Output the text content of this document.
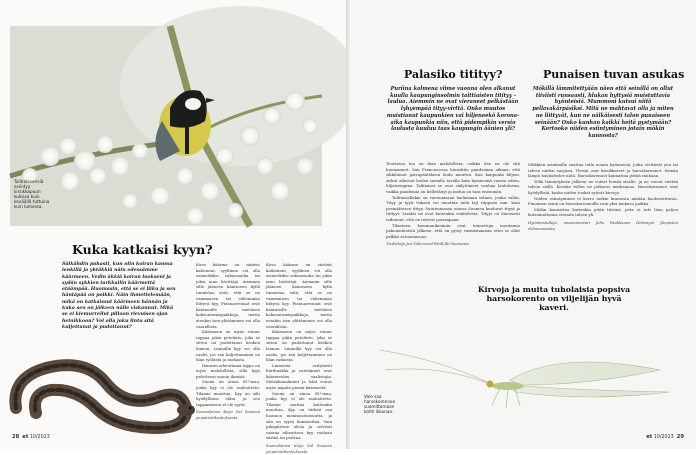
Talitiaisverisiä esiintyy kirsikkapuun kukissa kuin keväällä tuttuina kuin lumessa.
Kuka katkaisi kyyn?
Sälkähdin pahasti, kun olin koiran kanssa lenkillä ja yhtäkkiä näin edessämme käärmeen. Vedin äkkiä koiran luokseni ja sydän sykkien tarkkailin käärmettä etäämpää. Huomasin, että se ei liiku ja sen häntäpää on poikki. Näin ihmettelemään, mikä on katkaissut käärmeen hännän ja kuka sen on jälkeen nälle viskannut. Mikä se ei kiemurrellut pilloon rievuisen ojan heinikkoon? Voi olla joku lintu sitä kuljettanut ja pudottanut?

Kuva käärme on niiteist kaltennut, syyllinen voi olla esimerkiksi ruhausauha tai jokin muu hävittäjä. Aiemmin sille jääneen käärmeen kyllä tunnistaa siitä, että se on vammaisen tai vähemmän liittyvä kyy. Piennarreunat ovat käärmeille mieluisia kokoontumispaikkoja, mutta etenkin tien ylittäminen voi olla vaarallista.

Käärmeen on myös voinut tappaa jokin petolintu, joka se sitten on pudottanut kesken lennon. Linnuilla kyy voi olla saalis, jos sen kuljettaminen on liian työlästä ja raskasta.

Ihmisen aiheuttama tappo on myös mahdollista, sillä kyyt pelottavat monia ihmisiä.

Suomi on ainoa EU-maa, jonka kyy ei ole rauhoitettu. Tilanne muuttuu. Kyy on silti hyödyllinen eläin, ja sen tappamiseen ei ole syytä.

Suomalainen Keijo Sal Suomen ympäristökeskuksesta

Kuva käärme on siistisit katkennut, syyllinen voi olla esimerkiksi ruhausauha tai jokin muu hävittäjä. Aiemmin sille jääneen käärmeen kyllä tunnistaa siitä, että se on vammainen tai vähemmän liittyvä kyy. Piennarreunat ovat käärmeille mieluisia kokoontumispaikkoja, mutta etenkin tien ylittäminen voi olla vaarallista.

Käärmeen on myös voinut tappaa jokin petolintu, joka se sitten on pudottanut kesken lennon. Linnuilla kyy voi olla saalis, jos sen kuljettaminen on liian raskasta.

Linnuista erityisesti hiirihaukka ja varislinnut ovat käärmeiden saalistajia. Metsäkanalinnut ja lokit voivat myös napata pieniä käärmeitä.

Suomi on ainoa EU-maa, jonka kyy ei ole rauhoitettu. Tilanne saattaa kuitenkin muuttua. Kyy on tärkeä osa luonnon monimuotoisuutta, ja sitä on syytä kunnioittaa. Vain pihapiirissä oleva ja selvästi vaaraa aiheuttava kyy voidaan siirtää tai poistaa.

Suomalainen Keijo Sal Suomen ympäristökeskuksesta
28 et 10/2023
Palasiko titityy?
Puriina kolmena viime vuonna olen alkanut kuulla kaupunginsolmin taittiaisten titityy -laulua. Aiemmin ne ovat vieraneet pelkästään lyhyempää tityy-virttä. Onko muutos muistianut kaupunkien vai hiljeneekö korona-aika kaupunkia niin, että pidempikin versio laulusta kuuluu taas kaupungin äänien yli?

Teortassa tuo on ihan mahdollista, vaikka itse en ole sitä huomannut. San Franciscossa havaittiin pandemian aikana, että sikkilinnut paivapäätöksen laulu muuttui. Kun kaupunki hiljeni, sirkut alkoivat laulaa samalla tavalla kuin kymmeniä vuosia sitten, hiljaisempina. Talitiaiset se ovat säilyttäneet vanhan laulutavan, vaikka pandemia on hellittänyt ja melua on taas enemmän.

Talitiaisellakin on varsinaisaan laulamaan selmia, jonka valita. Tityy ja tyyti tsikavä voi muuttaa niitä laji riippuen mm. kuin pesintätesen tittyy. Suurimmassa osassa Suomea kuuluvat tityyt ja titityyt. Lisäksi ne ovat kuitenkin vaihtelevia. Tityyt on ilmeisesti todennut, että ne tulevat parempaan.

Tilanteen kommunikoinnin ovat tunnettuja muutamia pakonmiiteistä jälkeen, että en pysty varmistamaan ettei se ollut pelkkä satunnaisuus.

Tiedottaja Jan Södersved BirdLife Suomesta
Punaisen tuvan asukas
Mökillä lämmitettyään näen että seinillä on ollut tiiviisti runsaasti, hlukan hyttysiä muistuttavia hyönteisiä. Mummoni kutsui niitä pellavakärpäsiksi. Mitä ne mahtavat olla ja miten ne liittyvät, kun ne nälkäisesti talon punaiseen seinään? Onko kunhan kaikki heitä pystymään? Kertooko niiden esiintyminen jotain mökin kunnosta?

Mökkien seinämille saattaa tulla monia hyönteisiä, jotka viettävät yön tai talven niiden suojissa. Yleisiä ovat kirsikkarvet ja harsokorennot. Seinän lämpö houkuttelee niitä. Harsokorennot kannattaa jättää rauhaan.

Yöllä lämmityksen jälkeen ne voivat lentää sisälle, ja ne voivat viettää talven siellä. Kevään tullen ne jatkavat matkaansa. Harsokorennot ovat hyödyllisiä, koska niiden toukat syövät kirvoja.

Niiden esiintyminen ei kerro mökin kunnosta mitään huolestuttavaa. Punainen seinä on harsokorennoille vain yksi mukava paikka.

Mökin kannattaa kuitenkin pitää tiiviinä, jotta ei tule liian paljon kutsumattomia vieraita talven yli.

Hyönteistutkija, museomestari Juho Paukkunen Helsingin yliopiston eläinmuseosta
Kirvoja ja muita tuholaisia popsiva harsokorento on viljelijän hyvä kaveri.
Valo saa harsokorennon suomittamaan kohti ikkunaa.
et 10/2023 29
